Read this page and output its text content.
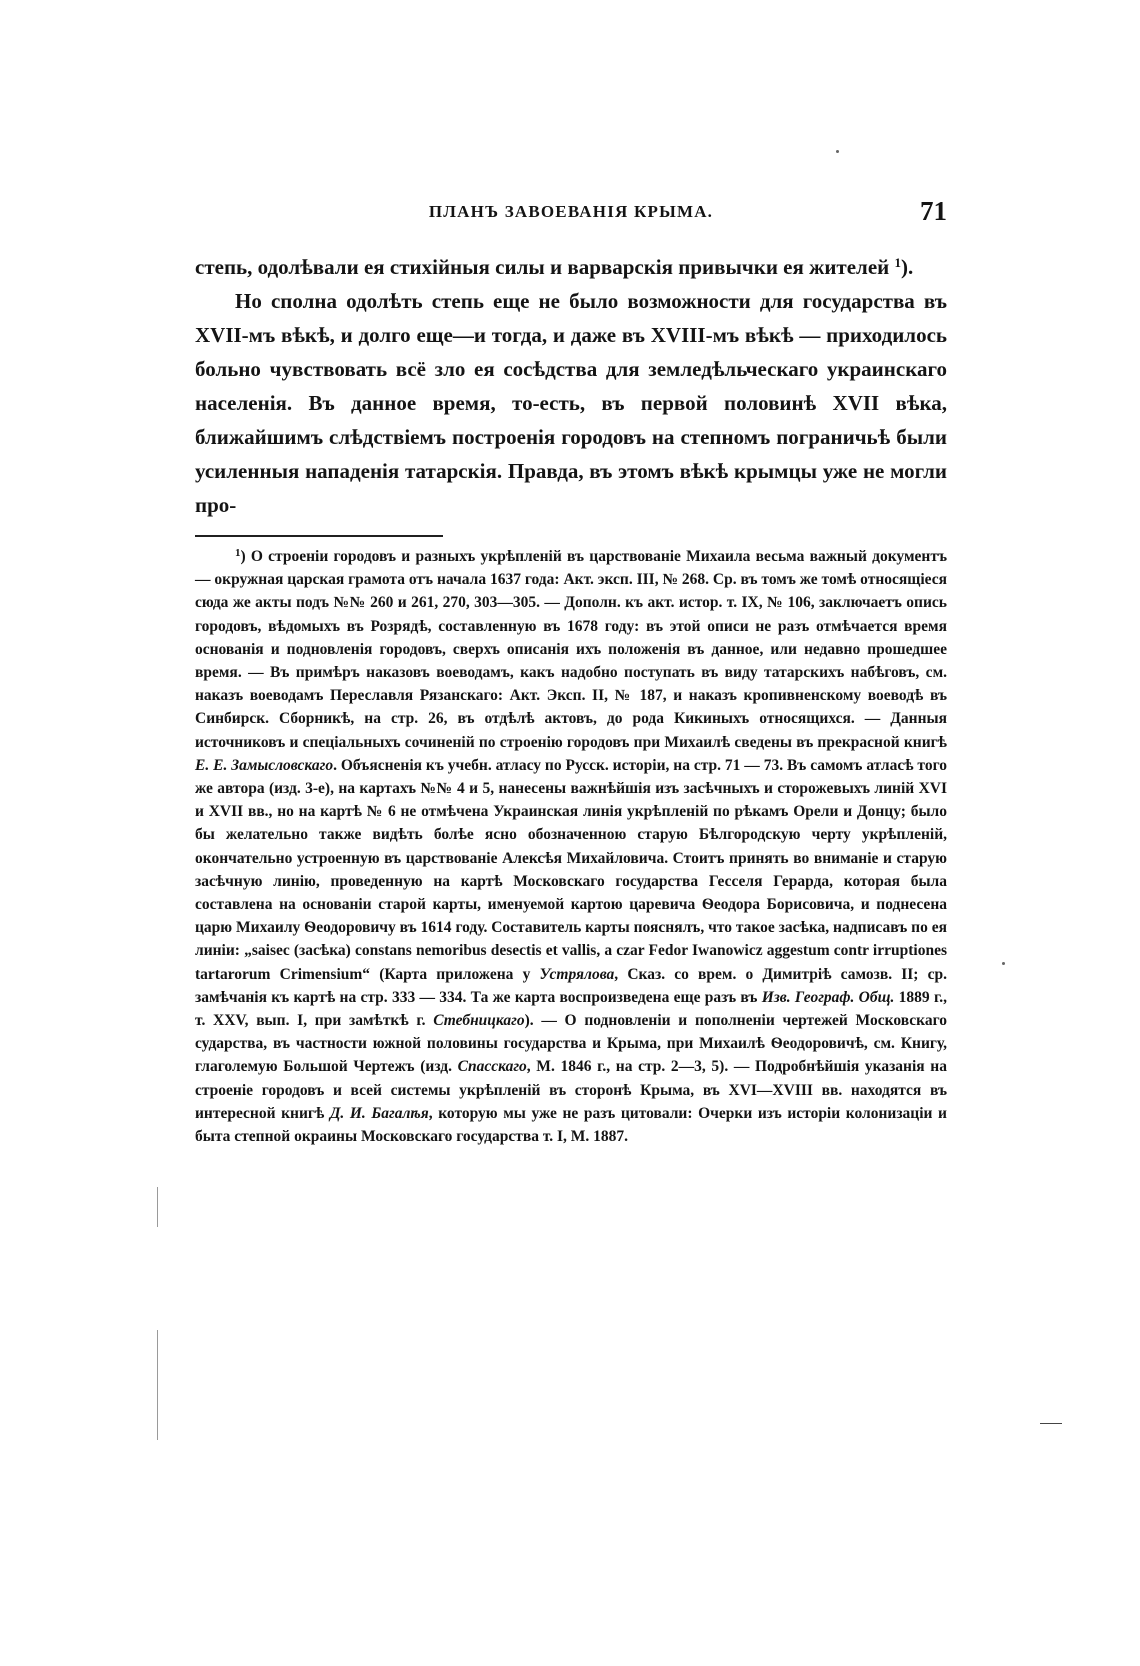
ПЛАНЪ ЗАВОЕВАНІЯ КРЫМА.	71

степь, одолѣвали ея стихійныя силы и варварскія привычки ея жителей $^1$).

Но сполна одолѣть степь еще не было возможности для государства въ XVII-мъ вѣкѣ, и долго еще—и тогда, и даже въ XVIII-мъ вѣкѣ — приходилось больно чувствовать всё зло ея сосѣдства для земледѣльческаго украинскаго населенія. Въ данное время, то-есть, въ первой половинѣ XVII вѣка, ближайшимъ слѣдствіемъ построенія городовъ на степномъ пограничьѣ были усиленныя нападенія татарскія. Правда, въ этомъ вѣкѣ крымцы уже не могли про-

$^1$) О строеніи городовъ и разныхъ укрѣпленій въ царствованіе Михаила весьма важный документъ — окружная царская грамота отъ начала 1637 года: Акт. эксп. III, № 268. Ср. въ томъ же томѣ относящіеся сюда же акты подъ №№ 260 и 261, 270, 303—305. — Дополн. къ акт. истор. т. IX, № 106, заключаетъ опись городовъ, вѣдомыхъ въ Розрядѣ, составленную въ 1678 году: въ этой описи не разъ отмѣчается время основанія и подновленія городовъ, сверхъ описанія ихъ положенія въ данное, или недавно прошедшее время. — Въ примѣръ наказовъ воеводамъ, какъ надобно поступать въ виду татарскихъ набѣговъ, см. наказъ воеводамъ Переславля Рязанскаго: Акт. Эксп. II, № 187, и наказъ кропивненскому воеводѣ въ Синбирск. Сборникѣ, на стр. 26, въ отдѣлѣ актовъ, до рода Кикиныхъ относящихся. — Данныя источниковъ и спеціальныхъ сочиненій по строенію городовъ при Михаилѣ сведены въ прекрасной книгѣ Е. Е. Замысловскаго. Объясненія къ учебн. атласу по Русск. исторіи, на стр. 71 — 73. Въ самомъ атласѣ того же автора (изд. 3-е), на картахъ №№ 4 и 5, нанесены важнѣйшія изъ засѣчныхъ и сторожевыхъ линій XVI и XVII вв., но на картѣ № 6 не отмѣчена Украинская линія укрѣпленій по рѣкамъ Орели и Донцу; было бы желательно также видѣть болѣе ясно обозначенною старую Бѣлгородскую черту укрѣпленій, окончательно устроенную въ царствованіе Алексѣя Михайловича. Стоитъ принять во вниманіе и старую засѣчную линію, проведенную на картѣ Московскаго государства Гесселя Герарда, которая была составлена на основаніи старой карты, именуемой картою царевича Ѳеодора Борисовича, и поднесена царю Михаилу Ѳеодоровичу въ 1614 году. Составитель карты пояснялъ, что такое засѣка, надписавъ по ея линіи: „saisec (засѣка) constans nemoribus desectis et vallis, a czar Fedor Iwanowicz aggestum contr irruptiones tartarorum Crimensium“ (Карта приложена у Устрялова, Сказ. со врем. о Димитріѣ самозв. II; ср. замѣчанія къ картѣ на стр. 333 — 334. Та же карта воспроизведена еще разъ въ Изв. Географ. Общ. 1889 г., т. XXV, вып. I, при замѣткѣ г. Стебницкаго). — О подновленіи и пополненіи чертежей Московскаго судaрства, въ частности южной половины государства и Крыма, при Михаилѣ Ѳеодоровичѣ, см. Книгу, глаголемую Большой Чертежъ (изд. Спасскаго, М. 1846 г., на стр. 2—3, 5). — Подробнѣйшія указанія на строеніе городовъ и всей системы укрѣпленій въ сторонѣ Крыма, въ XVI—XVIII вв. находятся въ интересной книгѣ Д. И. Багалѣя, которую мы уже не разъ цитовали: Очерки изъ исторіи колонизаціи и быта степной окраины Московскаго государства т. I, М. 1887.
